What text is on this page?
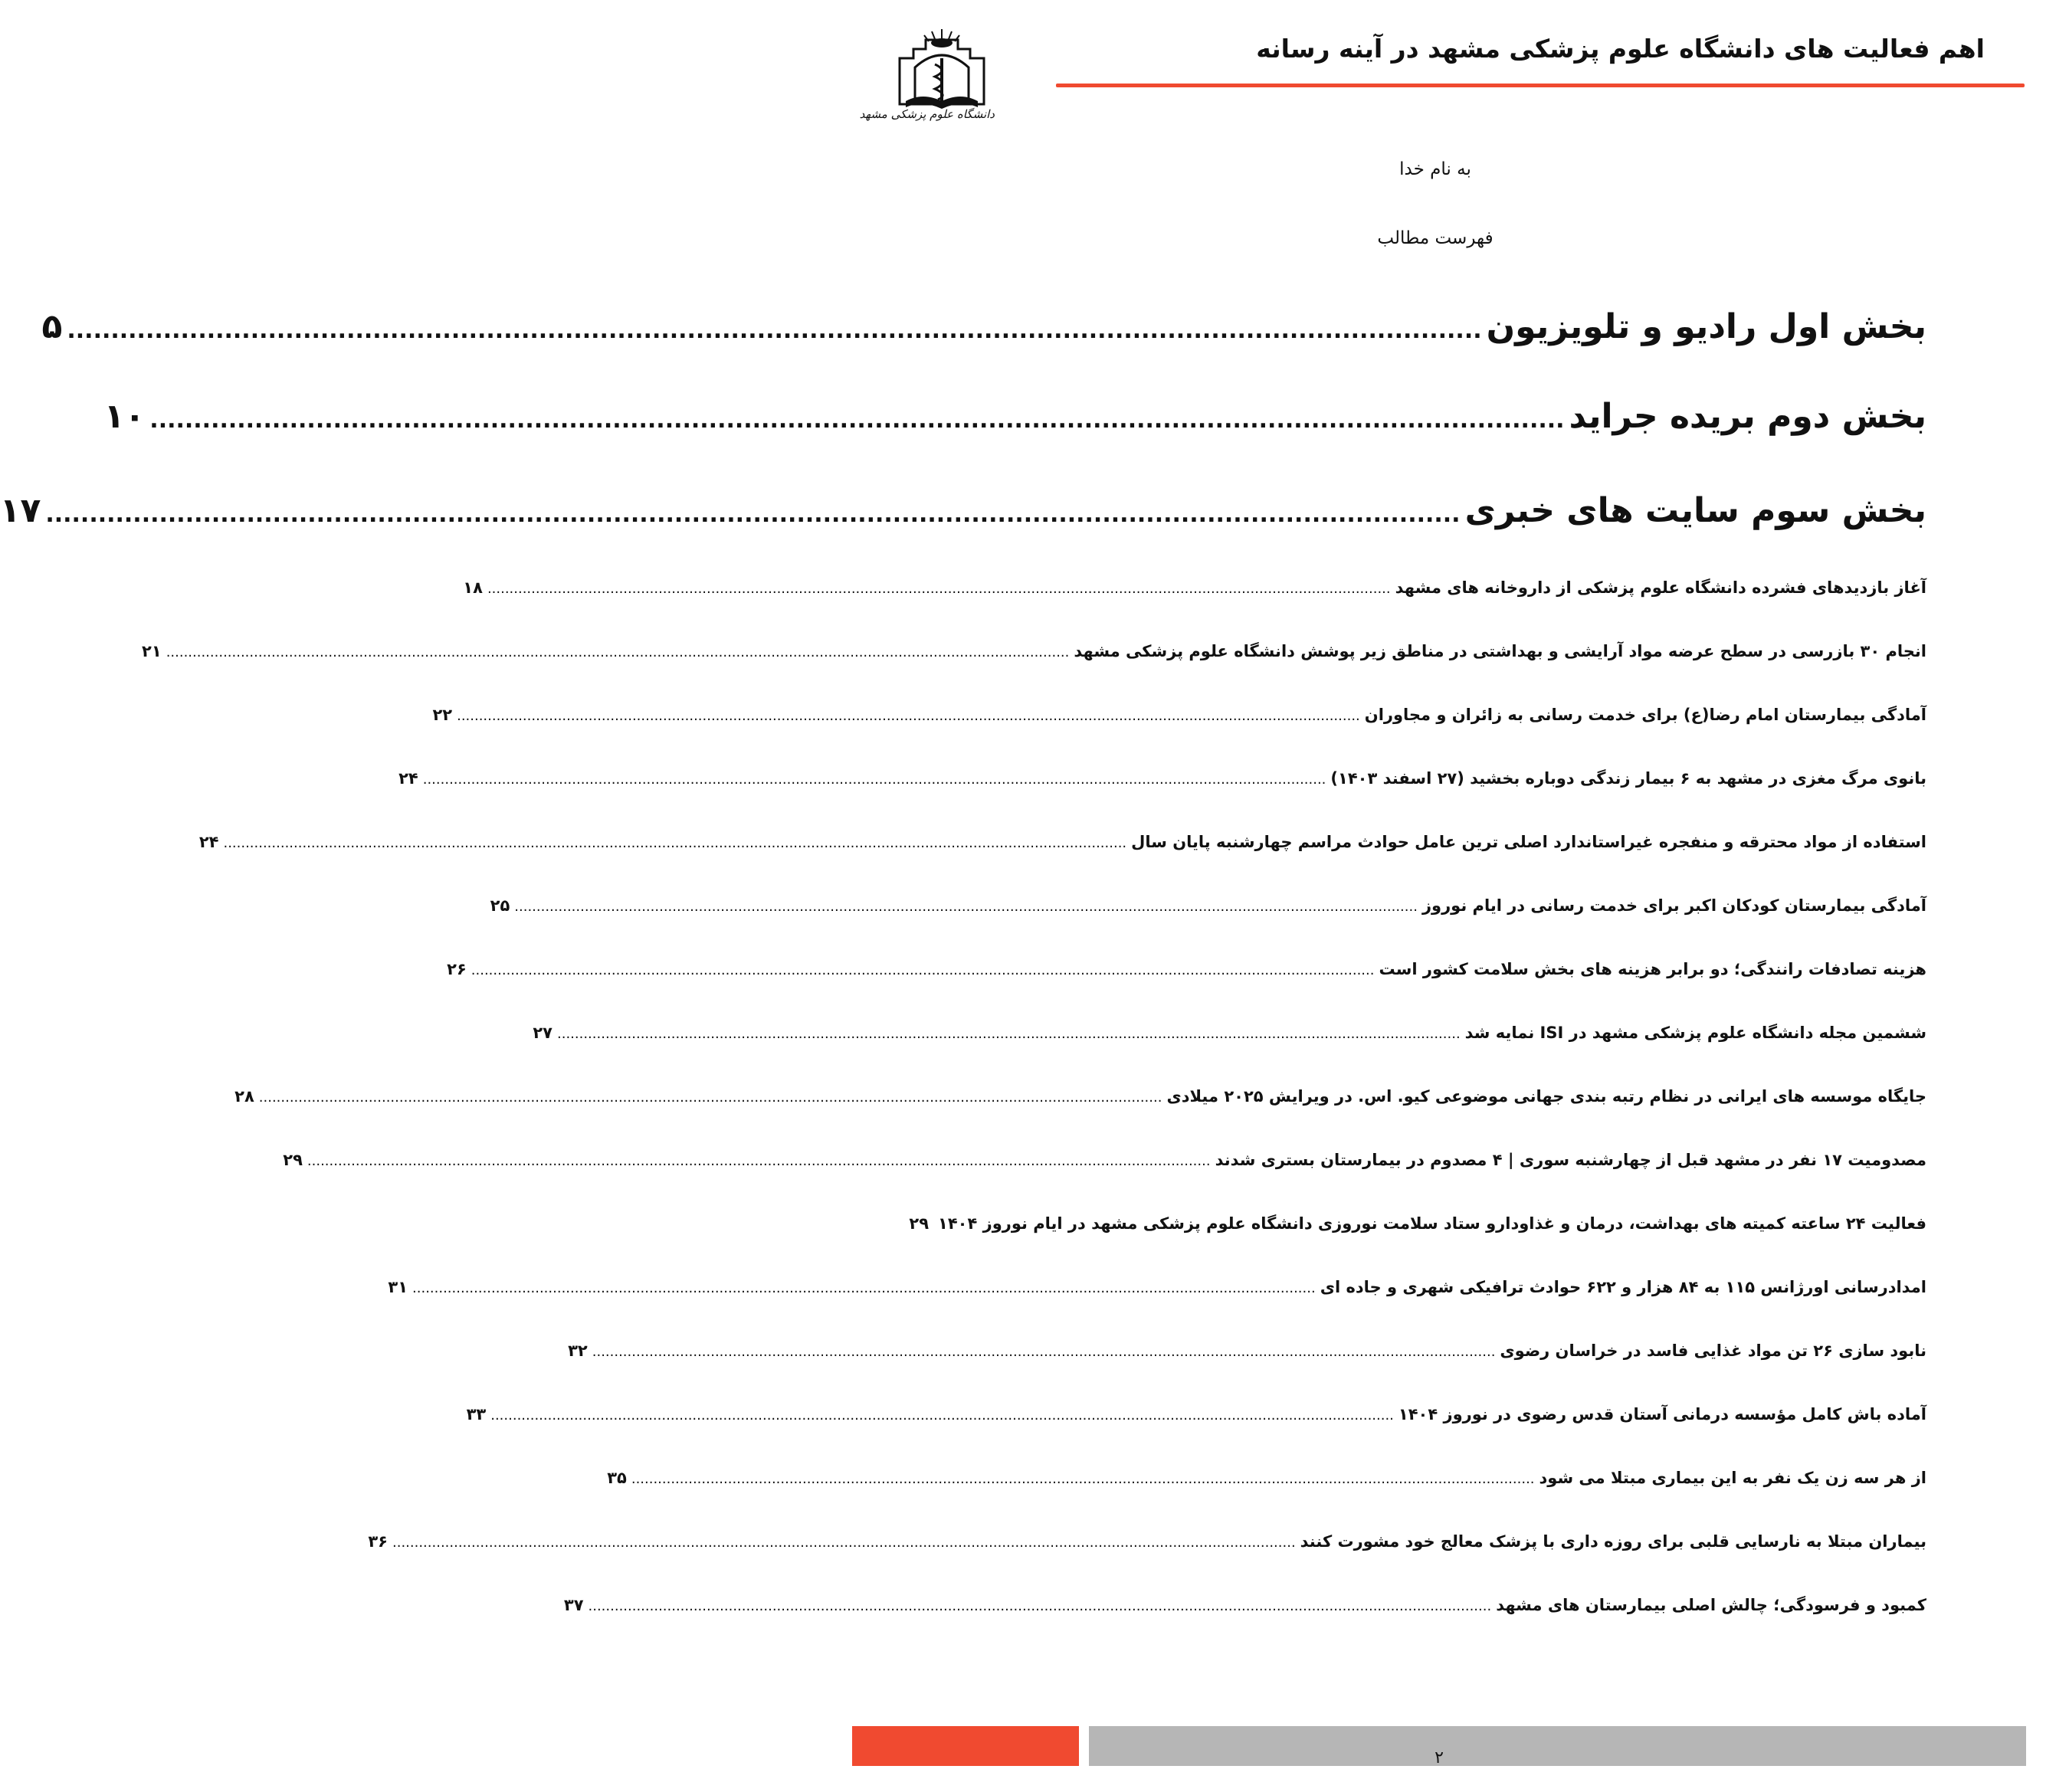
اهم فعالیت های دانشگاه علوم پزشکی مشهد در آینه رسانه
دانشگاه علوم پزشکی مشهد
به نام خدا
فهرست مطالب
بخش اول رادیو و تلویزیون
..................................................................................................................................................................
۵
بخش دوم بریده جراید
..................................................................................................................................................................
۱۰
بخش سوم سایت های خبری
..................................................................................................................................................................
۱۷
آغاز بازدیدهای فشرده دانشگاه علوم پزشکی از داروخانه های مشهد
..............................................................................................................................................................................................................
۱۸
انجام ۳۰ بازرسی در سطح عرضه مواد آرایشی و بهداشتی در مناطق زیر پوشش دانشگاه علوم پزشکی مشهد
..............................................................................................................................................................................................................
۲۱
آمادگی بیمارستان امام رضا(ع) برای خدمت رسانی به زائران و مجاوران
..............................................................................................................................................................................................................
۲۲
بانوی مرگ مغزی در مشهد به ۶ بیمار زندگی دوباره بخشید (۲۷ اسفند ۱۴۰۳)
..............................................................................................................................................................................................................
۲۴
استفاده از مواد محترقه و منفجره غیراستاندارد اصلی ترین عامل حوادث مراسم چهارشنبه پایان سال
..............................................................................................................................................................................................................
۲۴
آمادگی بیمارستان کودکان اکبر برای خدمت رسانی در ایام نوروز
..............................................................................................................................................................................................................
۲۵
هزینه تصادفات رانندگی؛ دو برابر هزینه های بخش سلامت کشور است
..............................................................................................................................................................................................................
۲۶
ششمین مجله دانشگاه علوم پزشکی مشهد در ISI نمایه شد
..............................................................................................................................................................................................................
۲۷
جایگاه موسسه های ایرانی در نظام رتبه بندی جهانی موضوعی کیو. اس. در ویرایش ۲۰۲۵ میلادی
..............................................................................................................................................................................................................
۲۸
مصدومیت ۱۷ نفر در مشهد قبل از چهارشنبه سوری | ۴ مصدوم در بیمارستان بستری شدند
..............................................................................................................................................................................................................
۲۹
فعالیت ۲۴ ساعته کمیته های بهداشت، درمان و غذاودارو ستاد سلامت نوروزی دانشگاه علوم پزشکی مشهد در ایام نوروز ۱۴۰۴
۲۹
امدادرسانی اورژانس ۱۱۵ به ۸۴ هزار و ۶۲۲ حوادث ترافیکی شهری و جاده ای
..............................................................................................................................................................................................................
۳۱
نابود سازی ۲۶ تن مواد غذایی فاسد در خراسان رضوی
..............................................................................................................................................................................................................
۳۲
آماده باش کامل مؤسسه درمانی آستان قدس رضوی در نوروز ۱۴۰۴
..............................................................................................................................................................................................................
۳۳
از هر سه زن یک نفر به این بیماری مبتلا می شود
..............................................................................................................................................................................................................
۳۵
بیماران مبتلا به نارسایی قلبی برای روزه داری با پزشک معالج خود مشورت کنند
..............................................................................................................................................................................................................
۳۶
کمبود و فرسودگی؛ چالش اصلی بیمارستان های مشهد
..............................................................................................................................................................................................................
۳۷
۲
